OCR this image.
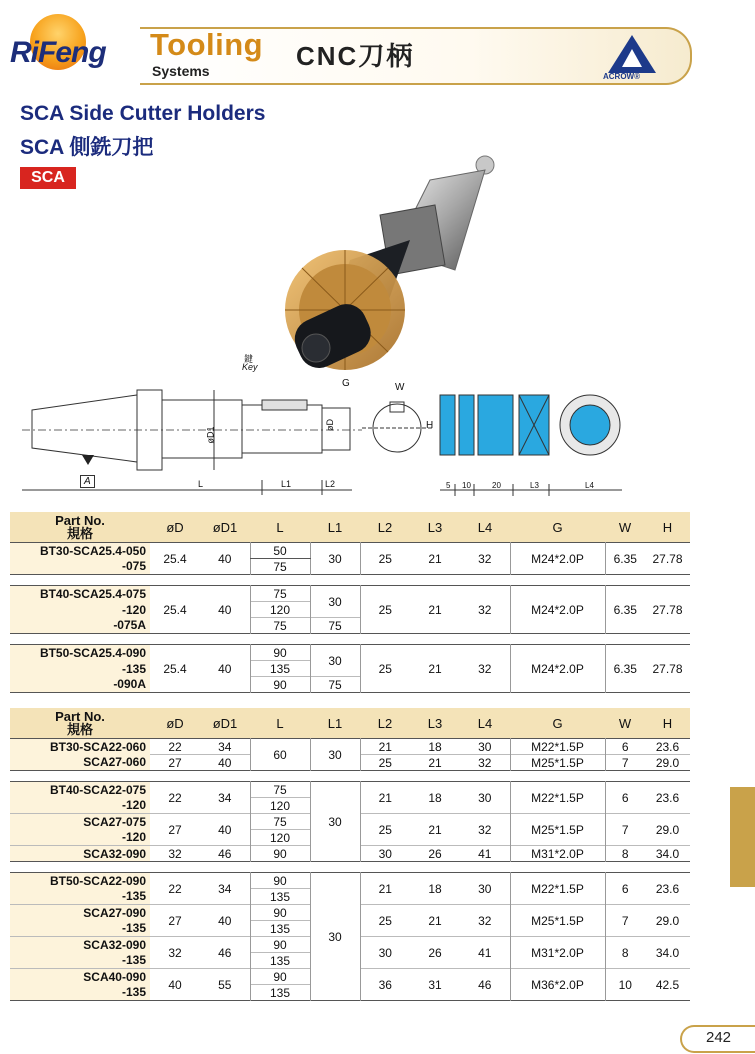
RiFeng Tooling
Systems	CNC刀柄
ACROW®
SCA Side Cutter Holders
SCA 側銑刀把
SCA
鍵
Key
G	W
H
A
øD1
øD
L	L1	L2	5 10	20	L3	L4
Part No.
規格	øD	øD1	L	L1	L2	L3	L4	G	W	H
BT30-SCA25.4-050	25.4	40	50	30	25	21	32	M24*2.0P	6.35	27.78
-075			75							

BT40-SCA25.4-075	25.4	40	75	30	25	21	32	M24*2.0P	6.35	27.78
-120			120							
-075A			75	75						

BT50-SCA25.4-090	25.4	40	90	30	25	21	32	M24*2.0P	6.35	27.78
-135			135							
-090A			90	75						
Part No.
規格	øD	øD1	L	L1	L2	L3	L4	G	W	H
BT30-SCA22-060	22	34	60	30	21	18	30	M22*1.5P	6	23.6
SCA27-060	27	40			25	21	32	M25*1.5P	7	29.0

BT40-SCA22-075	22	34	75	30	21	18	30	M22*1.5P	6	23.6
-120			120							
SCA27-075	27	40	75		25	21	32	M25*1.5P	7	29.0
-120			120							
SCA32-090	32	46	90		30	26	41	M31*2.0P	8	34.0

BT50-SCA22-090	22	34	90	30	21	18	30	M22*1.5P	6	23.6
-135			135							
SCA27-090	27	40	90		25	21	32	M25*1.5P	7	29.0
-135			135							
SCA32-090	32	46	90		30	26	41	M31*2.0P	8	34.0
-135			135							
SCA40-090	40	55	90		36	31	46	M36*2.0P	10	42.5
-135			135							
242
